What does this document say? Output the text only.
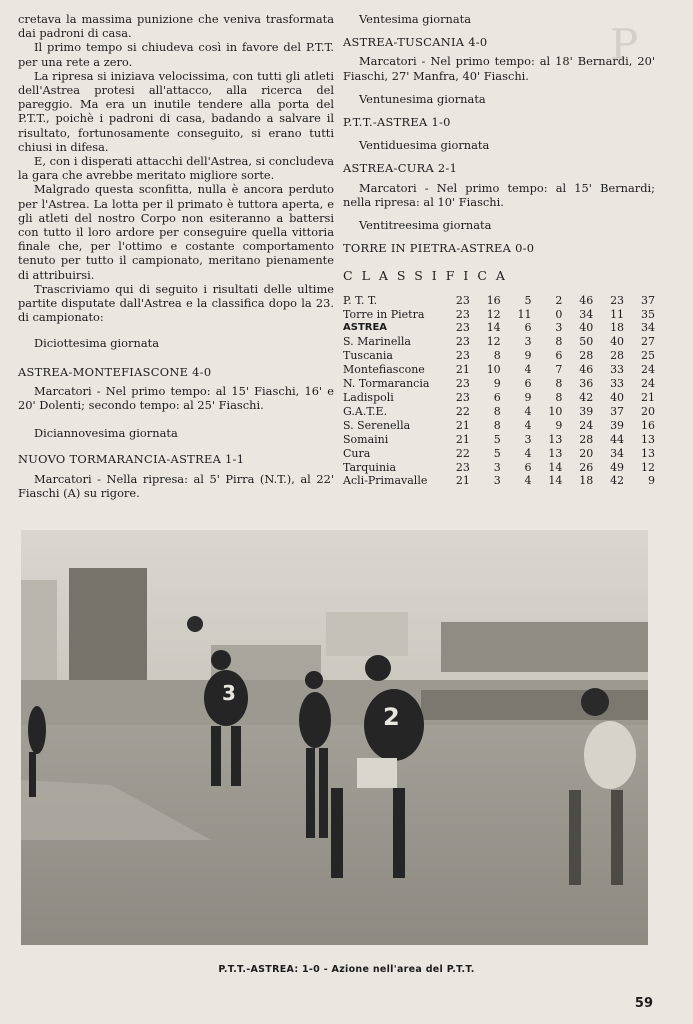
P

cretava la massima punizione che veniva trasformata dai padroni di casa.

Il primo tempo si chiudeva così in favore del P.T.T. per una rete a zero.

La ripresa si iniziava velocissima, con tutti gli atleti dell'Astrea protesi all'attacco, alla ricerca del pareggio. Ma era un inutile tendere alla porta del P.T.T., poichè i padroni di casa, badando a salvare il risultato, fortunosamente conseguito, si erano tutti chiusi in difesa.

E, con i disperati attacchi dell'Astrea, si concludeva la gara che avrebbe meritato migliore sorte.

Malgrado questa sconfitta, nulla è ancora perduto per l'Astrea. La lotta per il primato è tuttora aperta, e gli atleti del nostro Corpo non esiteranno a battersi con tutto il loro ardore per conseguire quella vittoria finale che, per l'ottimo e costante comportamento tenuto per tutto il campionato, meritano pienamente di attribuirsi.

Trascriviamo qui di seguito i risultati delle ultime partite disputate dall'Astrea e la classifica dopo la 23. di campionato:

Diciottesima giornata

ASTREA-MONTEFIASCONE 4-0

Marcatori - Nel primo tempo: al 15' Fiaschi, 16' e 20' Dolenti; secondo tempo: al 25' Fiaschi.

Diciannovesima giornata

NUOVO TORMARANCIA-ASTREA 1-1

Marcatori - Nella ripresa: al 5' Pirra (N.T.), al 22' Fiaschi (A) su rigore.

Ventesima giornata

ASTREA-TUSCANIA 4-0

Marcatori - Nel primo tempo: al 18' Bernardi, 20' Fiaschi, 27' Manfra, 40' Fiaschi.

Ventunesima giornata

P.T.T.-ASTREA 1-0

Ventiduesima giornata

ASTREA-CURA 2-1

Marcatori - Nel primo tempo: al 15' Bernardi; nella ripresa: al 10' Fiaschi.

Ventitreesima giornata

TORRE IN PIETRA-ASTREA 0-0

CLASSIFICA

P. T. T.	23	16	5	2	46	23	37
Torre in Pietra	23	12	11	0	34	11	35
ASTREA	23	14	6	3	40	18	34
S. Marinella	23	12	3	8	50	40	27
Tuscania	23	8	9	6	28	28	25
Montefiascone	21	10	4	7	46	33	24
N. Tormarancia	23	9	6	8	36	33	24
Ladispoli	23	6	9	8	42	40	21
G.A.T.E.	22	8	4	10	39	37	20
S. Serenella	21	8	4	9	24	39	16
Somaini	21	5	3	13	28	44	13
Cura	22	5	4	13	20	34	13
Tarquinia	23	3	6	14	26	49	12
Acli-Primavalle	21	3	4	14	18	42	9
3
2
P.T.T.-ASTREA: 1-0 - Azione nell'area del P.T.T.
59
